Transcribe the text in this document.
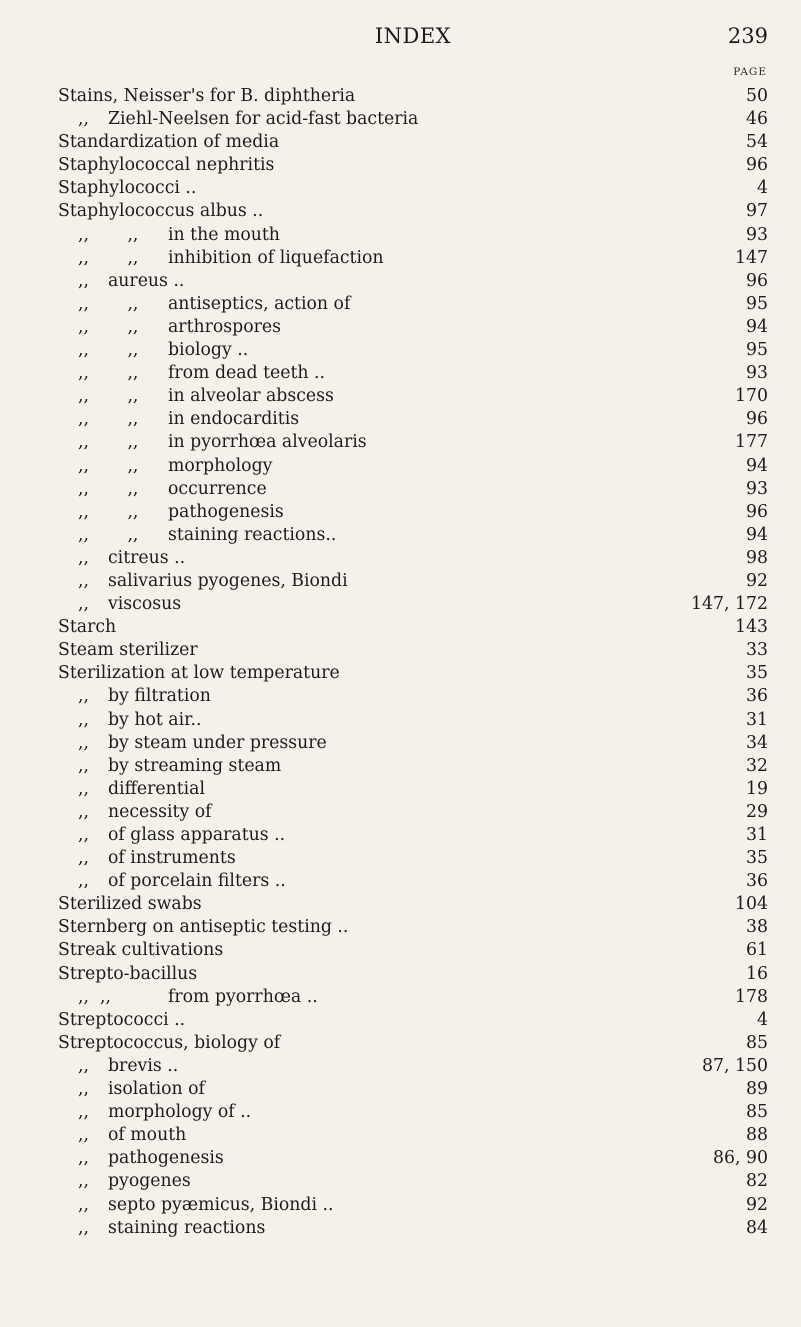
INDEX	239
PAGE
Stains, Neisser's for B. diphtheria	50
,, Ziehl-Neelsen for acid-fast bacteria	46
Standardization of media	54
Staphylococcal nephritis	96
Staphylococci ..	4
Staphylococcus albus ..	97
,,       ,, in the mouth	93
,,       ,, inhibition of liquefaction	147
,, aureus ..	96
,,       ,, antiseptics, action of	95
,,       ,, arthrospores	94
,,       ,, biology ..	95
,,       ,, from dead teeth ..	93
,,       ,, in alveolar abscess	170
,,       ,, in endocarditis	96
,,       ,, in pyorrhœa alveolaris	177
,,       ,, morphology	94
,,       ,, occurrence	93
,,       ,, pathogenesis	96
,,       ,, staining reactions..	94
,, citreus ..	98
,, salivarius pyogenes, Biondi	92
,, viscosus	147, 172
Starch	143
Steam sterilizer	33
Sterilization at low temperature	35
,, by filtration	36
,, by hot air..	31
,, by steam under pressure	34
,, by streaming steam	32
,, differential	19
,, necessity of	29
,, of glass apparatus ..	31
,, of instruments	35
,, of porcelain filters ..	36
Sterilized swabs	104
Sternberg on antiseptic testing ..	38
Streak cultivations	61
Strepto-bacillus	16
,,  ,,	from pyorrhœa ..	178
Streptococci ..	4
Streptococcus, biology of	85
,, brevis ..	87, 150
,, isolation of	89
,, morphology of ..	85
,, of mouth	88
,, pathogenesis	86, 90
,, pyogenes	82
,, septo pyæmicus, Biondi ..	92
,, staining reactions	84
